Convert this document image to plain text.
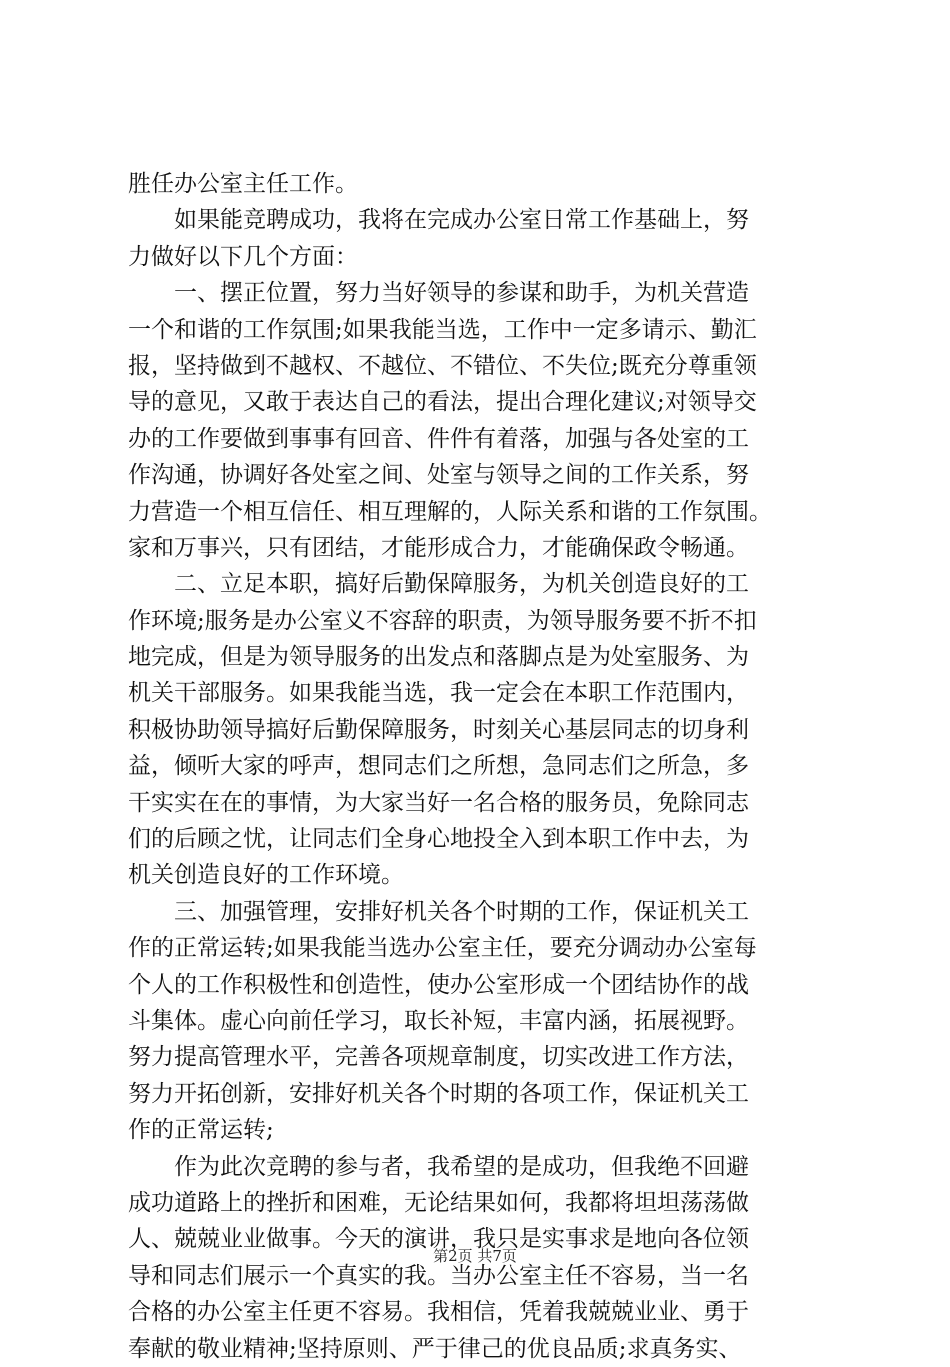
胜任办公室主任工作。
如果能竞聘成功，我将在完成办公室日常工作基础上，努
力做好以下几个方面：
一、摆正位置，努力当好领导的参谋和助手，为机关营造
一个和谐的工作氛围;如果我能当选，工作中一定多请示、勤汇
报，坚持做到不越权、不越位、不错位、不失位;既充分尊重领
导的意见，又敢于表达自己的看法，提出合理化建议;对领导交
办的工作要做到事事有回音、件件有着落，加强与各处室的工
作沟通，协调好各处室之间、处室与领导之间的工作关系，努
力营造一个相互信任、相互理解的，人际关系和谐的工作氛围。
家和万事兴，只有团结，才能形成合力，才能确保政令畅通。
二、立足本职，搞好后勤保障服务，为机关创造良好的工
作环境;服务是办公室义不容辞的职责，为领导服务要不折不扣
地完成，但是为领导服务的出发点和落脚点是为处室服务、为
机关干部服务。如果我能当选，我一定会在本职工作范围内，
积极协助领导搞好后勤保障服务，时刻关心基层同志的切身利
益，倾听大家的呼声，想同志们之所想，急同志们之所急，多
干实实在在的事情，为大家当好一名合格的服务员，免除同志
们的后顾之忧，让同志们全身心地投全入到本职工作中去，为
机关创造良好的工作环境。
三、加强管理，安排好机关各个时期的工作，保证机关工
作的正常运转;如果我能当选办公室主任，要充分调动办公室每
个人的工作积极性和创造性，使办公室形成一个团结协作的战
斗集体。虚心向前任学习，取长补短，丰富内涵，拓展视野。
努力提高管理水平，完善各项规章制度，切实改进工作方法，
努力开拓创新，安排好机关各个时期的各项工作，保证机关工
作的正常运转;
作为此次竞聘的参与者，我希望的是成功，但我绝不回避
成功道路上的挫折和困难，无论结果如何，我都将坦坦荡荡做
人、兢兢业业做事。今天的演讲，我只是实事求是地向各位领
导和同志们展示一个真实的我。当办公室主任不容易，当一名
合格的办公室主任更不容易。我相信，凭着我兢兢业业、勇于
奉献的敬业精神;坚持原则、严于律己的优良品质;求真务实、
第2页 共7页
